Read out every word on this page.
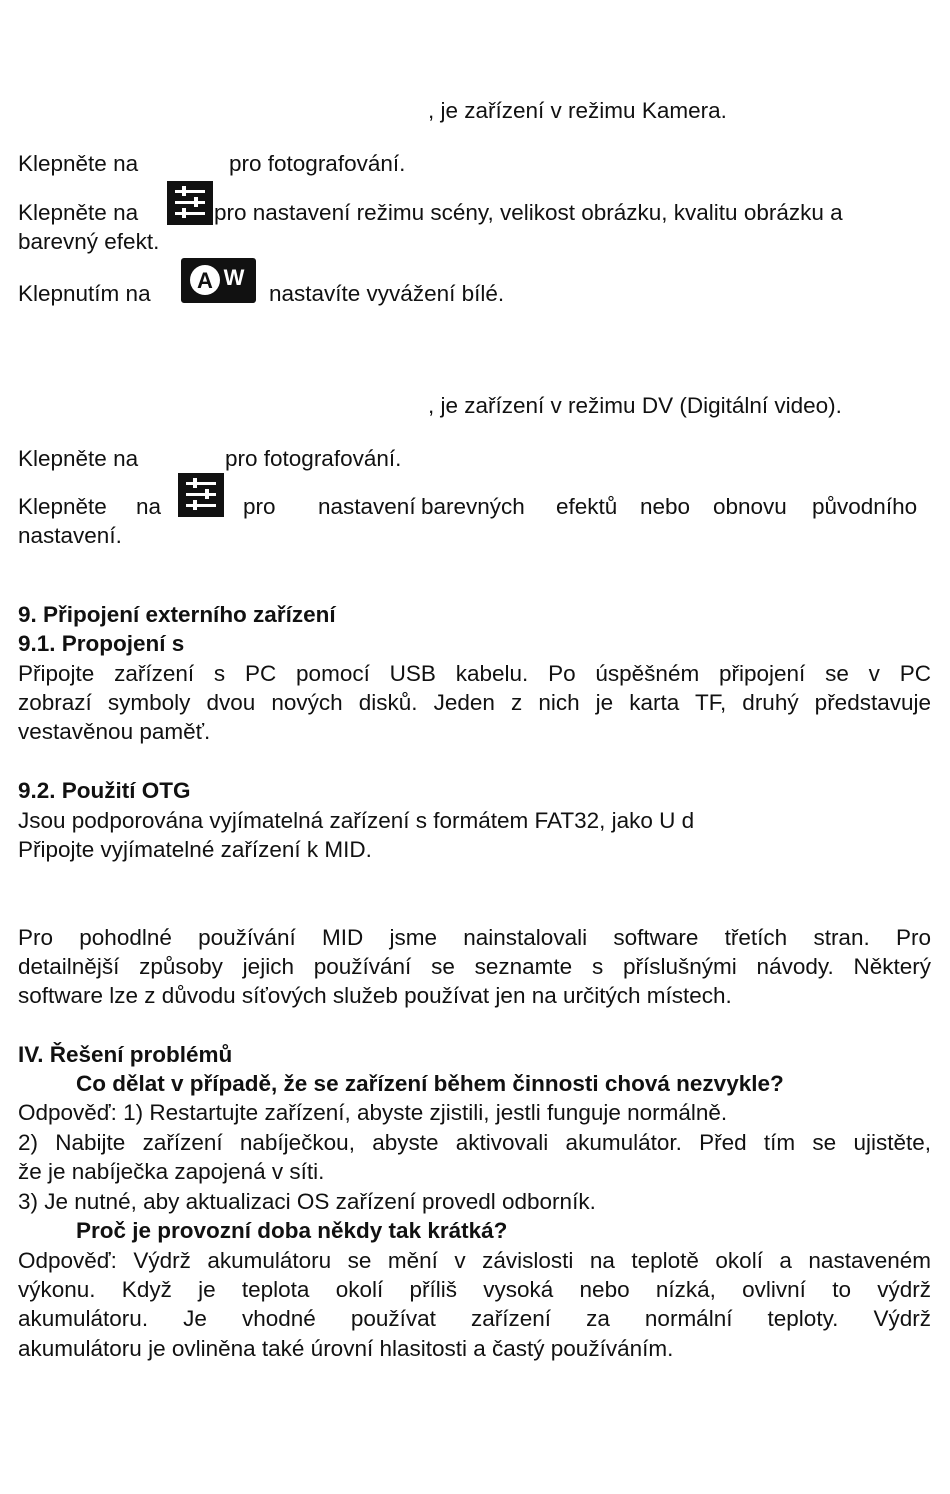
, je zařízení v režimu Kamera.
Klepněte na	pro fotografování.
Klepněte na	pro nastavení režimu scény, velikost obrázku, kvalitu obrázku a
barevný efekt.
Klepnutím na
A W
nastavíte vyvážení bílé.
, je zařízení v režimu DV (Digitální video).
Klepněte na	pro fotografování.
Klepněte na	pro nastavení barevných efektů nebo obnovu původního
nastavení.
9. Připojení externího zařízení
9.1. Propojení s
Připojte zařízení s PC pomocí USB kabelu. Po úspěšném připojení se v PC
zobrazí symboly dvou nových disků. Jeden z nich je karta TF, druhý představuje
vestavěnou paměť.
9.2. Použití OTG
Jsou podporována vyjímatelná zařízení s formátem FAT32, jako U d
Připojte vyjímatelné zařízení k MID.
Pro pohodlné používání MID jsme nainstalovali software třetích stran. Pro
detailnější způsoby jejich používání se seznamte s příslušnými návody. Některý
software lze z důvodu síťových služeb používat jen na určitých místech.
IV. Řešení problémů
Co dělat v případě, že se zařízení během činnosti chová nezvykle?
Odpověď: 1) Restartujte zařízení, abyste zjistili, jestli funguje normálně.
2) Nabijte zařízení nabíječkou, abyste aktivovali akumulátor. Před tím se ujistěte,
že je nabíječka zapojená v síti.
3) Je nutné, aby aktualizaci OS zařízení provedl odborník.
Proč je provozní doba někdy tak krátká?
Odpověď: Výdrž akumulátoru se mění v závislosti na teplotě okolí a nastaveném
výkonu. Když je teplota okolí příliš vysoká nebo nízká, ovlivní to výdrž
akumulátoru. Je vhodné používat zařízení za normální teploty. Výdrž
akumulátoru je ovliněna také úrovní hlasitosti a častý používáním.
